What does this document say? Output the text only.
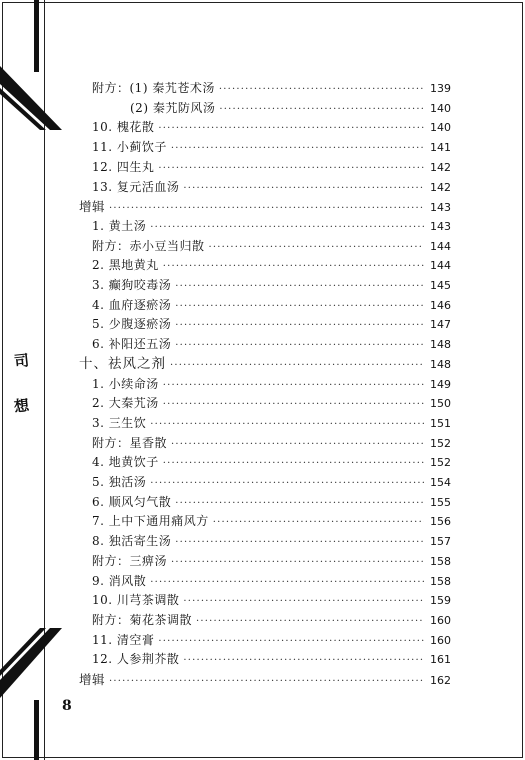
司
想
8
附方：(1) 秦艽苍术汤 ·····	139
(2) 秦艽防风汤 ·····	140
10. 槐花散 ·····	140
11. 小蓟饮子 ·····	141
12. 四生丸 ·····	142
13. 复元活血汤 ·····	142
增辑 ·····	143
1. 黄土汤 ·····	143
附方：赤小豆当归散 ·····	144
2. 黑地黄丸 ·····	144
3. 癫狗咬毒汤 ·····	145
4. 血府逐瘀汤 ·····	146
5. 少腹逐瘀汤 ·····	147
6. 补阳还五汤 ·····	148
十、祛风之剂 ·····	148
1. 小续命汤 ·····	149
2. 大秦艽汤 ·····	150
3. 三生饮 ·····	151
附方：星香散 ·····	152
4. 地黄饮子 ·····	152
5. 独活汤 ·····	154
6. 顺风匀气散 ·····	155
7. 上中下通用痛风方 ·····	156
8. 独活寄生汤 ·····	157
附方：三痹汤 ·····	158
9. 消风散 ·····	158
10. 川芎茶调散 ·····	159
附方：菊花茶调散 ·····	160
11. 清空膏 ·····	160
12. 人参荆芥散 ·····	161
增辑 ·····	162
